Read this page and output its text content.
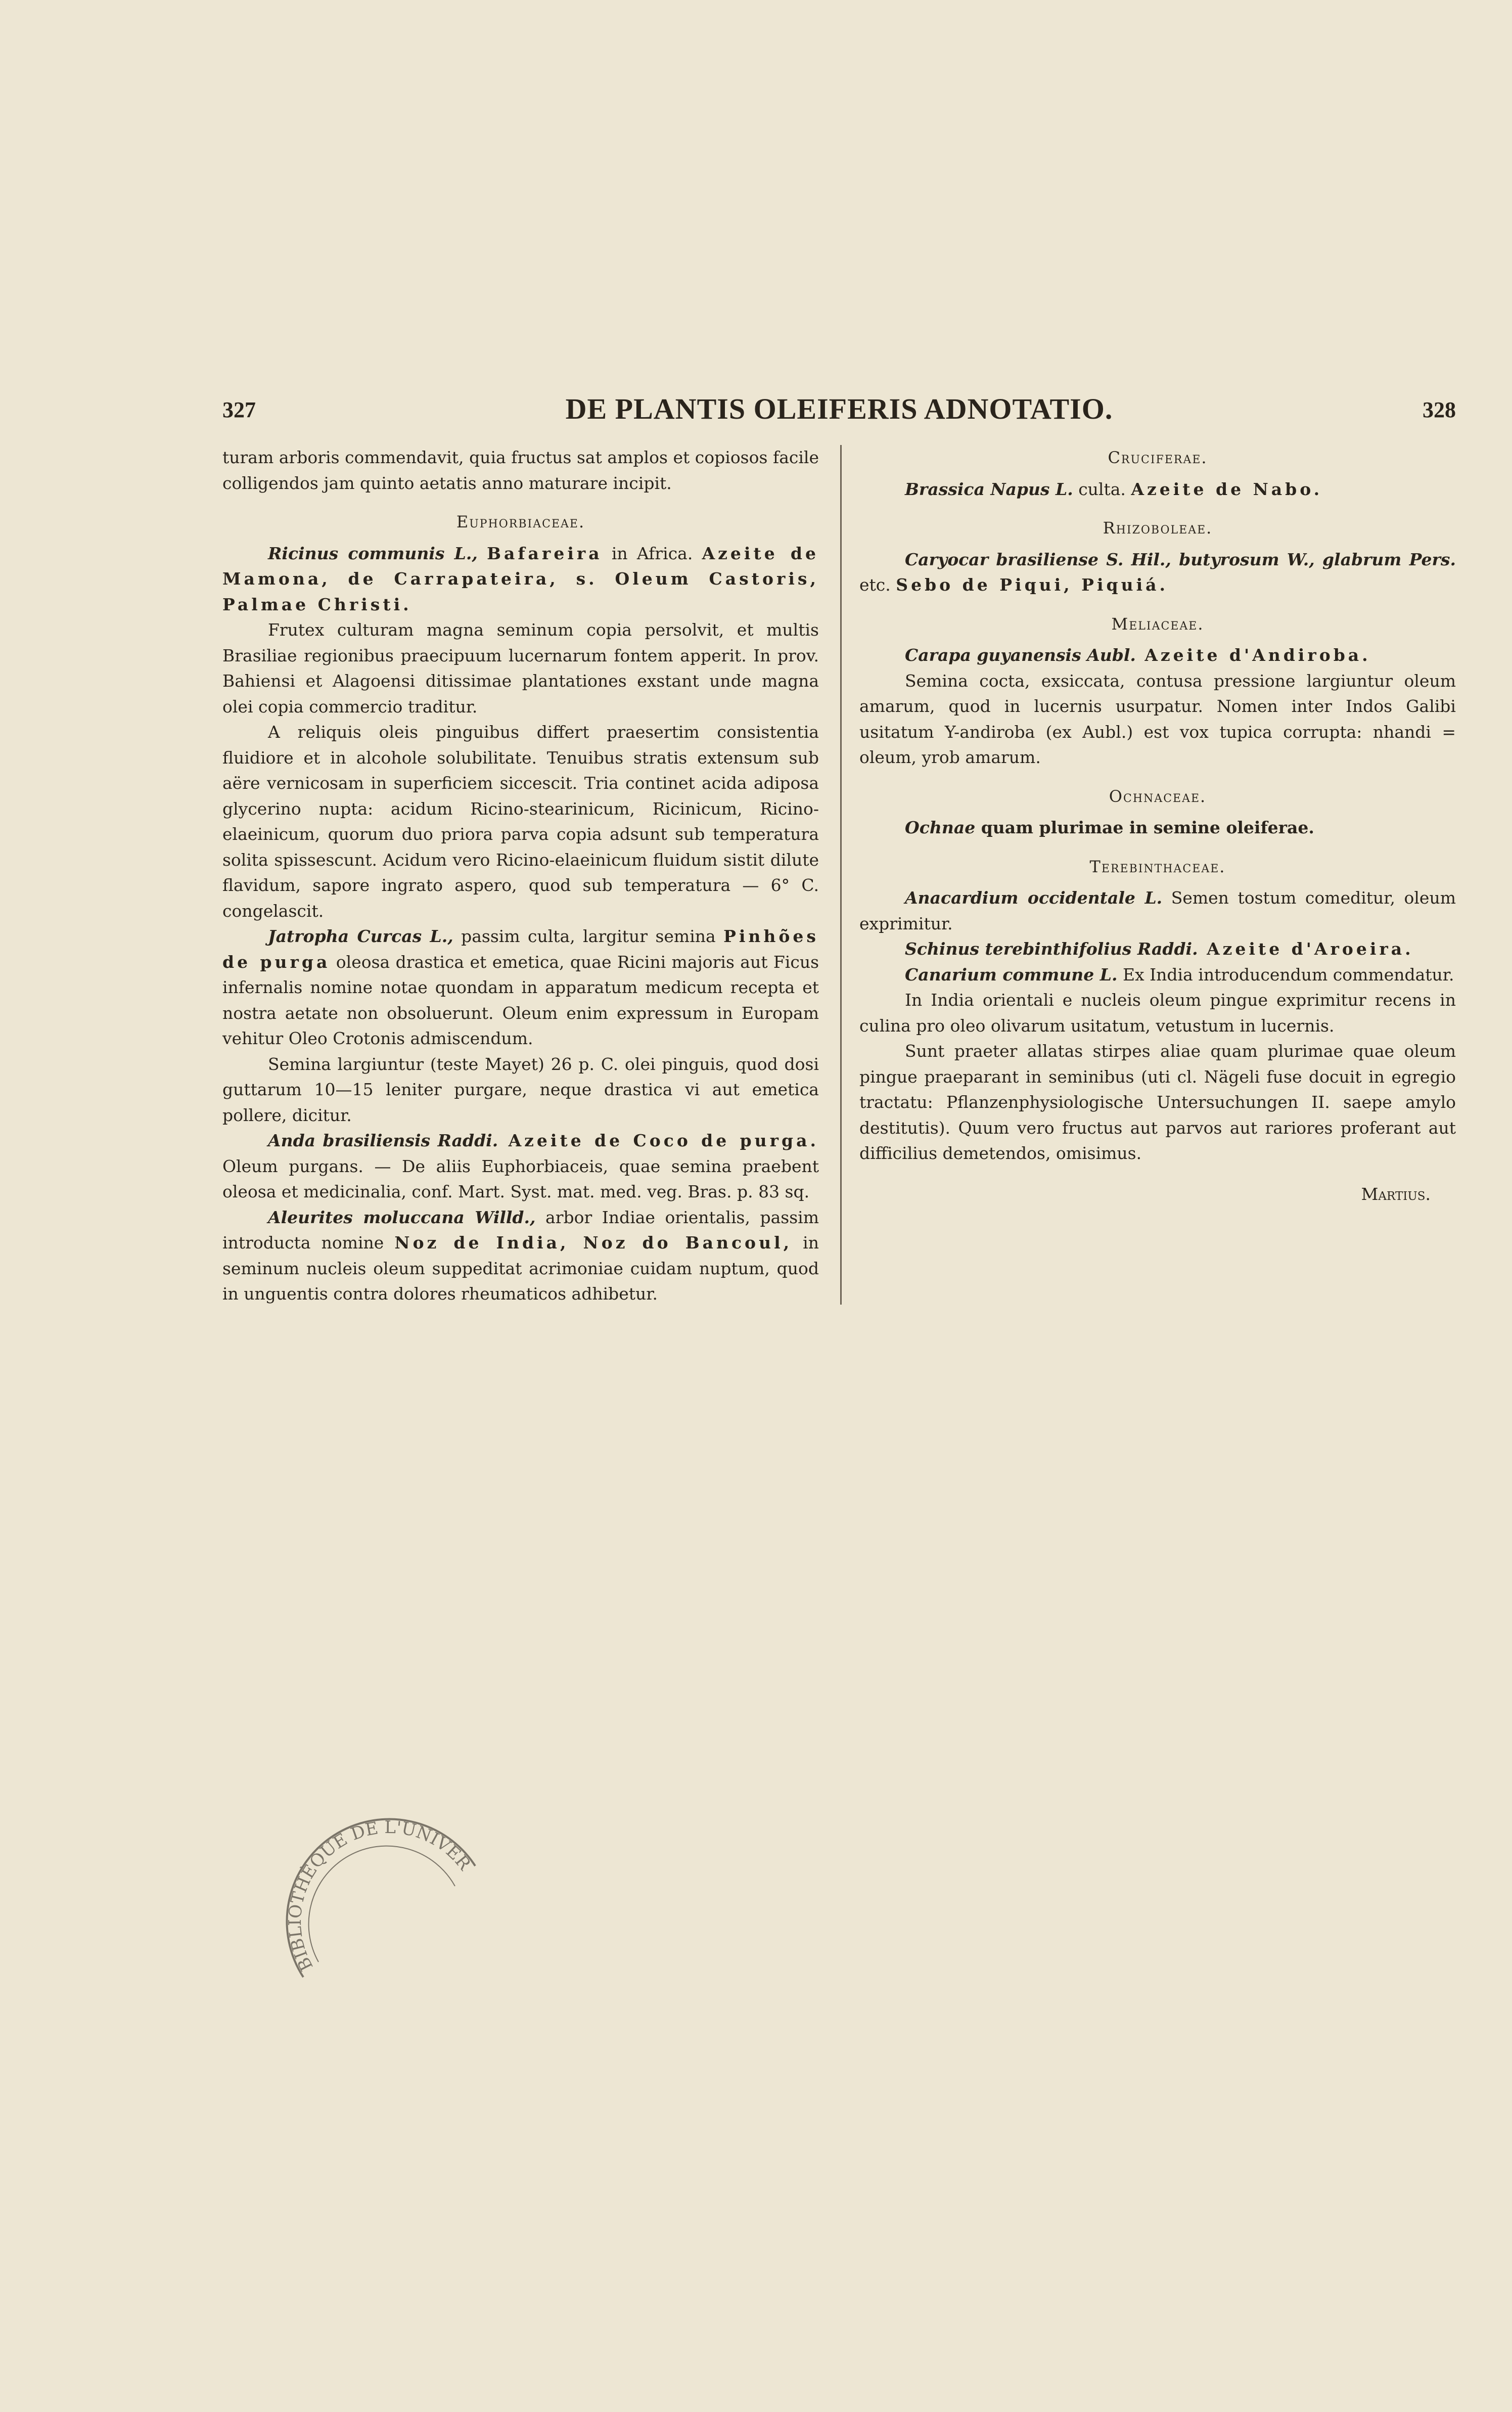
327	DE PLANTIS OLEIFERIS ADNOTATIO.	328

turam arboris commendavit, quia fructus sat amplos et copiosos facile colligendos jam quinto aetatis anno maturare incipit.

Euphorbiaceae.

Ricinus communis L., Bafareira in Africa. Azeite de Mamona, de Carrapateira, s. Oleum Castoris, Palmae Christi.

Frutex culturam magna seminum copia persolvit, et multis Brasiliae regionibus praecipuum lucernarum fontem apperit. In prov. Bahiensi et Alagoensi ditissimae plantationes exstant unde magna olei copia commercio traditur.

A reliquis oleis pinguibus differt praesertim consistentia fluidiore et in alcohole solubilitate. Tenuibus stratis extensum sub aëre vernicosam in superficiem siccescit. Tria continet acida adiposa glycerino nupta: acidum Ricino-stearinicum, Ricinicum, Ricino-elaeinicum, quorum duo priora parva copia adsunt sub temperatura solita spissescunt. Acidum vero Ricino-elaeinicum fluidum sistit dilute flavidum, sapore ingrato aspero, quod sub temperatura — 6° C. congelascit.

Jatropha Curcas L., passim culta, largitur semina Pinhões de purga oleosa drastica et emetica, quae Ricini majoris aut Ficus infernalis nomine notae quondam in apparatum medicum recepta et nostra aetate non obsoluerunt. Oleum enim expressum in Europam vehitur Oleo Crotonis admiscendum.

Semina largiuntur (teste Mayet) 26 p. C. olei pinguis, quod dosi guttarum 10—15 leniter purgare, neque drastica vi aut emetica pollere, dicitur.

Anda brasiliensis Raddi. Azeite de Coco de purga. Oleum purgans. — De aliis Euphorbiaceis, quae semina praebent oleosa et medicinalia, conf. Mart. Syst. mat. med. veg. Bras. p. 83 sq.

Aleurites moluccana Willd., arbor Indiae orientalis, passim introducta nomine Noz de India, Noz do Bancoul, in seminum nucleis oleum suppeditat acrimoniae cuidam nuptum, quod in unguentis contra dolores rheumaticos adhibetur.

Cruciferae.

Brassica Napus L. culta. Azeite de Nabo.

Rhizoboleae.

Caryocar brasiliense S. Hil., butyrosum W., glabrum Pers. etc. Sebo de Piqui, Piquiá.

Meliaceae.

Carapa guyanensis Aubl. Azeite d'Andiroba.

Semina cocta, exsiccata, contusa pressione largiuntur oleum amarum, quod in lucernis usurpatur. Nomen inter Indos Galibi usitatum Y-andiroba (ex Aubl.) est vox tupica corrupta: nhandi = oleum, yrob amarum.

Ochnaceae.

Ochnae quam plurimae in semine oleiferae.

Terebinthaceae.

Anacardium occidentale L. Semen tostum comeditur, oleum exprimitur.

Schinus terebinthifolius Raddi. Azeite d'Aroeira.

Canarium commune L. Ex India introducendum commendatur.

In India orientali e nucleis oleum pingue exprimitur recens in culina pro oleo olivarum usitatum, vetustum in lucernis.

Sunt praeter allatas stirpes aliae quam plurimae quae oleum pingue praeparant in seminibus (uti cl. Nägeli fuse docuit in egregio tractatu: Pflanzenphysiologische Untersuchungen II. saepe amylo destitutis). Quum vero fructus aut parvos aut rariores proferant aut difficilius demetendos, omisimus.

Martius.
BIBLIOTHÈQUE DE L'UNIVER
